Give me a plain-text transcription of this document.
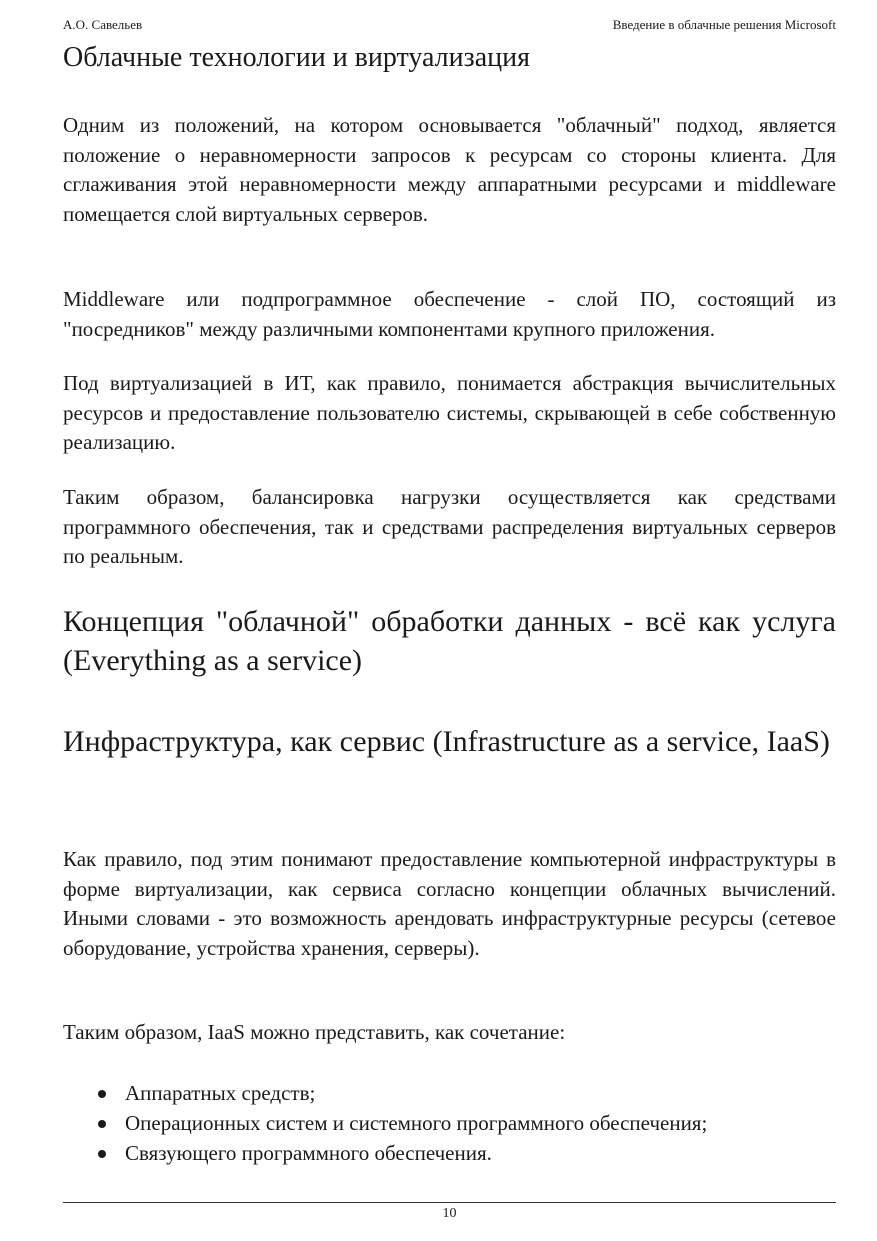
А.О. Савельев	Введение в облачные решения Microsoft
Облачные технологии и виртуализация

Одним из положений, на котором основывается "облачный" подход, является положение о неравномерности запросов к ресурсам со стороны клиента. Для сглаживания этой неравномерности между аппаратными ресурсами и middleware помещается слой виртуальных серверов.

Middleware или подпрограммное обеспечение - слой ПО, состоящий из "посредников" между различными компонентами крупного приложения.

Под виртуализацией в ИТ, как правило, понимается абстракция вычислительных ресурсов и предоставление пользователю системы, скрывающей в себе собственную реализацию.

Таким образом, балансировка нагрузки осуществляется как средствами программного обеспечения, так и средствами распределения виртуальных серверов по реальным.

Концепция "облачной" обработки данных - всё как услуга (Everything as a service)
Инфраструктура, как сервис (Infrastructure as a service, IaaS)

Как правило, под этим понимают предоставление компьютерной инфраструктуры в форме виртуализации, как сервиса согласно концепции облачных вычислений. Иными словами - это возможность арендовать инфраструктурные ресурсы (сетевое оборудование, устройства хранения, серверы).

Таким образом, IaaS можно представить, как сочетание:

Аппаратных средств;
Операционных систем и системного программного обеспечения;
Связующего программного обеспечения.
10
